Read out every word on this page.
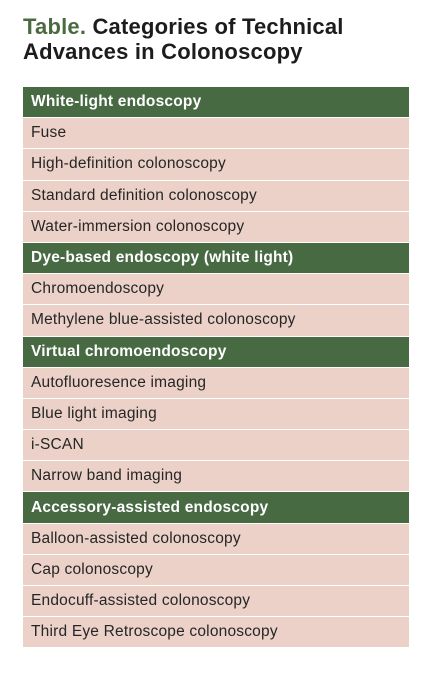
Table. Categories of Technical Advances in Colonoscopy
White-light endoscopy
Fuse
High-definition colonoscopy
Standard definition colonoscopy
Water-immersion colonoscopy
Dye-based endoscopy (white light)
Chromoendoscopy
Methylene blue-assisted colonoscopy
Virtual chromoendoscopy
Autofluoresence imaging
Blue light imaging
i-SCAN
Narrow band imaging
Accessory-assisted endoscopy
Balloon-assisted colonoscopy
Cap colonoscopy
Endocuff-assisted colonoscopy
Third Eye Retroscope colonoscopy
